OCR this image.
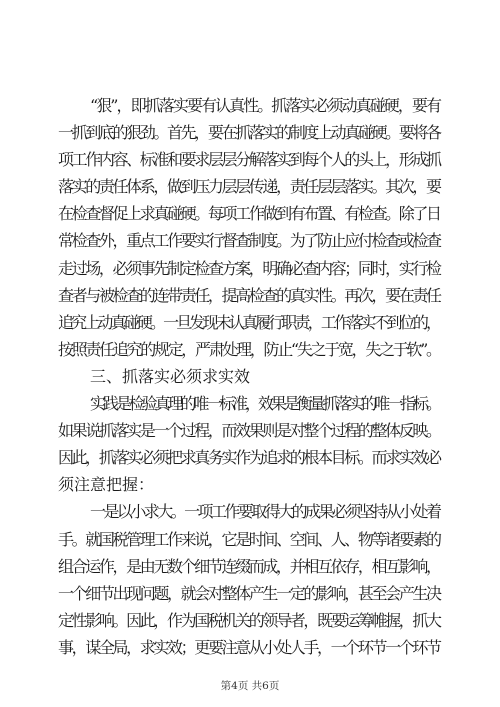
“狠”，即抓落实要有认真性。抓落实必须动真碰硬，要有
一抓到底的狠劲。首先，要在抓落实的制度上动真碰硬。要将各
项工作内容、标准和要求层层分解落实到每个人的头上，形成抓
落实的责任体系，做到压力层层传递，责任层层落实。其次，要
在检查督促上求真碰硬。每项工作做到有布置、有检查。除了日
常检查外，重点工作要实行督查制度。为了防止应付检查或检查
走过场，必须事先制定检查方案，明确必查内容；同时，实行检
查者与被检查的连带责任，提高检查的真实性。再次，要在责任
追究上动真碰硬。一旦发现未认真履行职责，工作落实不到位的，
按照责任追究的规定，严肃处理，防止“失之于宽，失之于软”。
三、抓落实必须求实效
实践是检验真理的唯一标准，效果是衡量抓落实的唯一指标。
如果说抓落实是一个过程，而效果则是对整个过程的整体反映。
因此，抓落实必须把求真务实作为追求的根本目标。而求实效必
须注意把握：
一是以小求大。一项工作要取得大的成果必须坚持从小处着
手。就国税管理工作来说，它是时间、空间、人、物等诸要素的
组合运作，是由无数个细节连缀而成，并相互依存，相互影响，
一个细节出现问题，就会对整体产生一定的影响，甚至会产生决
定性影响。因此，作为国税机关的领导者，既要运筹帷握，抓大
事，谋全局，求实效；更要注意从小处人手，一个环节一个环节
第4页 共6页
